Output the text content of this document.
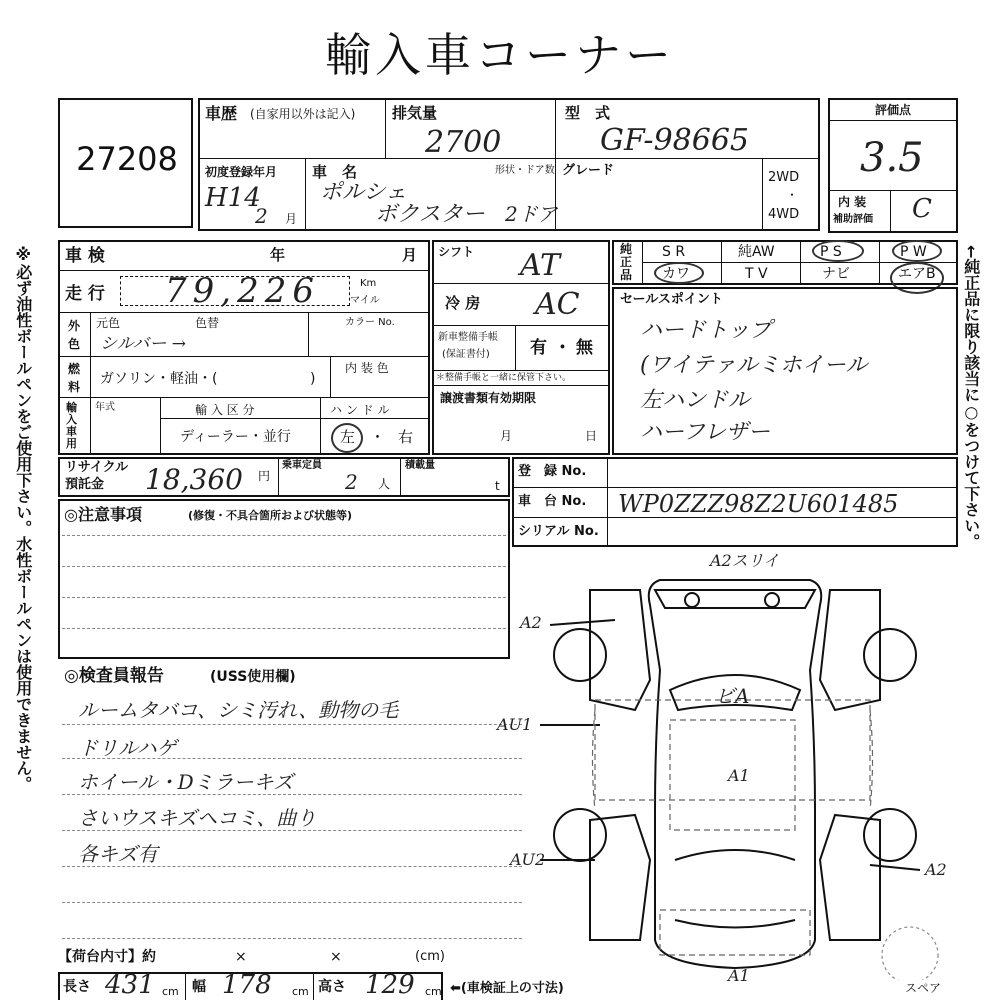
輸入車コーナー
※必ず油性ボールペンをご使用下さい。水性ボールペンは使用できません。	←純正品に限り該当に○をつけて下さい。
27208
車歴 (自家用以外は記入) 排気量
2700
型　式
GF-98665
初度登録年月
H14
2 月
車　名
ポルシェ
ボクスター
形状・ドア数
2ドア
グレード	2WD
・
4WD
評価点
3.5
内 装
補助評価 C
車 検	年	月
走 行 79,226	Km
マイル
外
色
元色	色替	カラー No.
シルバー →
燃
料 ガソリン・軽油・(	)
内 装 色
輸
入
車
用
年式	輸 入 区 分
ディーラー・並行
ハ ン ド ル
左 ・ 右
シフト AT
冷 房 AC
新車整備手帳
(保証書付) 有 ・ 無
＊整備手帳と一緒に保管下さい。
譲渡書類有効期限
月	日
純
正
品
S R	純AW	P S	P W
カワ	T V	ナビ	エアB
セールスポイント
ハードトップ
(ワイテァルミホイール
左ハンドル
ハーフレザー
リサイクル
預託金 18,360 円
乗車定員
2 人
積載量
t
登　録 No.
車　台 No. WP0ZZZ98Z2U601485
シリアル No.
◎注意事項	(修復・不具合箇所および状態等)
◎検査員報告	(USS使用欄)
ルームタバコ、シミ汚れ、動物の毛
ドリルハゲ
ホイール・Dミラーキズ
さいウスキズヘコミ、曲り
各キズ有
A2スリイ
A2
AU1
ビA
A1
AU2
A2
A1
スペア
【荷台内寸】約	×	×	(cm)
長さ 431 cm 幅 178 cm 高さ 129 cm ⬅(車検証上の寸法)
